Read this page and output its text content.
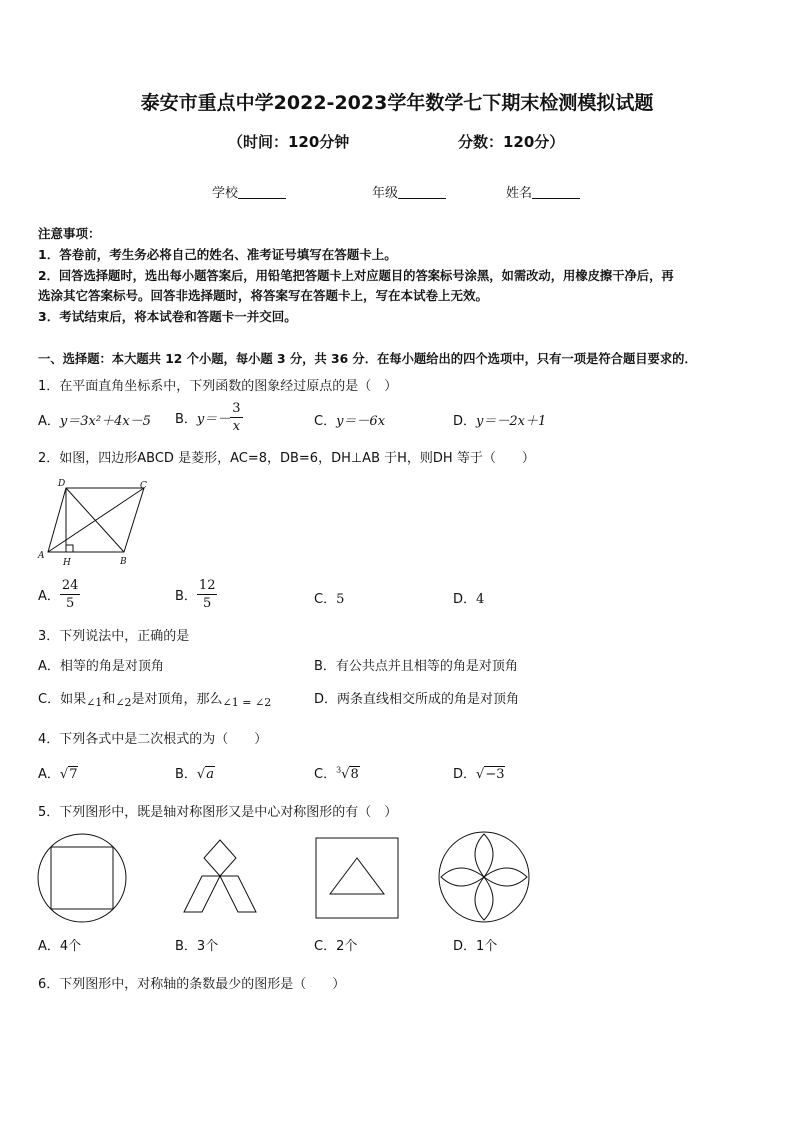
泰安市重点中学2022-2023学年数学七下期末检测模拟试题
（时间：120分钟	分数：120分）
学校	年级	姓名
注意事项：
1．答卷前，考生务必将自己的姓名、准考证号填写在答题卡上。
2．回答选择题时，选出每小题答案后，用铅笔把答题卡上对应题目的答案标号涂黑，如需改动，用橡皮擦干净后，再
选涂其它答案标号。回答非选择题时，将答案写在答题卡上，写在本试卷上无效。
3．考试结束后，将本试卷和答题卡一并交回。
一、选择题：本大题共 12 个小题，每小题 3 分，共 36 分．在每小题给出的四个选项中，只有一项是符合题目要求的．
1．在平面直角坐标系中，下列函数的图象经过原点的是（　）
A．y＝3x²＋4x－5 B．$y=- \frac{3}{x}$	C．y＝－6x	D．y＝－2x＋1
2．如图，四边形ABCD 是菱形，AC=8，DB=6，DH⊥AB 于H，则DH 等于（　　）
A
B
C
D
H
A． $\frac{24}{5}$	B． $\frac{12}{5}$	C．5	D．4
3．下列说法中，正确的是
A．相等的角是对顶角	B．有公共点并且相等的角是对顶角
C．如果$_{\angle 1}$和$_{\angle 2}$是对顶角，那么$_{\angle 1 = \angle 2}$	D．两条直线相交所成的角是对顶角
4．下列各式中是二次根式的为（　　）
A．√7	B．√a	C．$^3$√8	D．√−3
5．下列图形中，既是轴对称图形又是中心对称图形的有（　）
A．4个	B．3个	C．2个	D．1个
6．下列图形中，对称轴的条数最少的图形是（　　）
